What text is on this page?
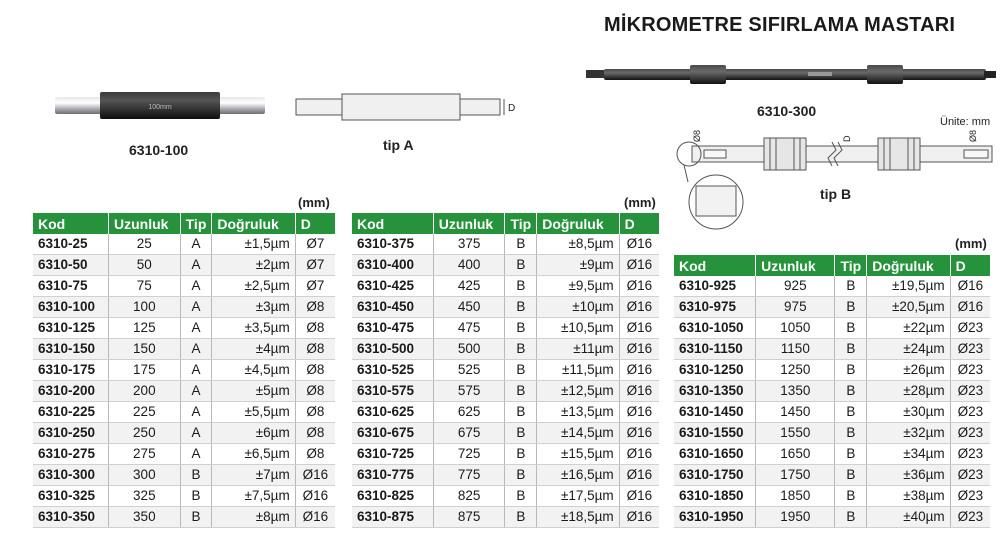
MİKROMETRE SIFIRLAMA MASTARI
100mm
6310-100
D
tip A
6310-300
Ünite: mm
Ø8	D	Ø8
tip B
(mm)	(mm)
(mm)
Kod	Uzunluk	Tip	Doğruluk	D
6310-25	25	A	±1,5µm	Ø7
6310-50	50	A	±2µm	Ø7
6310-75	75	A	±2,5µm	Ø7
6310-100	100	A	±3µm	Ø8
6310-125	125	A	±3,5µm	Ø8
6310-150	150	A	±4µm	Ø8
6310-175	175	A	±4,5µm	Ø8
6310-200	200	A	±5µm	Ø8
6310-225	225	A	±5,5µm	Ø8
6310-250	250	A	±6µm	Ø8
6310-275	275	A	±6,5µm	Ø8
6310-300	300	B	±7µm	Ø16
6310-325	325	B	±7,5µm	Ø16
6310-350	350	B	±8µm	Ø16
Kod	Uzunluk	Tip	Doğruluk	D
6310-375	375	B	±8,5µm	Ø16
6310-400	400	B	±9µm	Ø16
6310-425	425	B	±9,5µm	Ø16
6310-450	450	B	±10µm	Ø16
6310-475	475	B	±10,5µm	Ø16
6310-500	500	B	±11µm	Ø16
6310-525	525	B	±11,5µm	Ø16
6310-575	575	B	±12,5µm	Ø16
6310-625	625	B	±13,5µm	Ø16
6310-675	675	B	±14,5µm	Ø16
6310-725	725	B	±15,5µm	Ø16
6310-775	775	B	±16,5µm	Ø16
6310-825	825	B	±17,5µm	Ø16
6310-875	875	B	±18,5µm	Ø16
Kod	Uzunluk	Tip	Doğruluk	D
6310-925	925	B	±19,5µm	Ø16
6310-975	975	B	±20,5µm	Ø16
6310-1050	1050	B	±22µm	Ø23
6310-1150	1150	B	±24µm	Ø23
6310-1250	1250	B	±26µm	Ø23
6310-1350	1350	B	±28µm	Ø23
6310-1450	1450	B	±30µm	Ø23
6310-1550	1550	B	±32µm	Ø23
6310-1650	1650	B	±34µm	Ø23
6310-1750	1750	B	±36µm	Ø23
6310-1850	1850	B	±38µm	Ø23
6310-1950	1950	B	±40µm	Ø23
